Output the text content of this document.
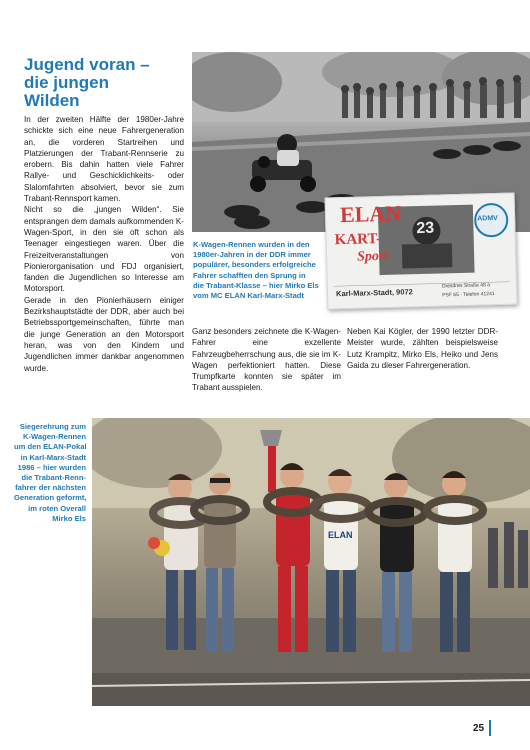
Jugend voran –
die jungen
Wilden

In der zweiten Hälfte der 1980er-Jahre schickte sich eine neue Fahrergeneration an, die vorderen Startreihen und Platzierungen der Trabant-Rennserie zu erobern. Bis dahin hatten viele Fahrer Rallye- und Geschicklichkeits- oder Slalomfahrten absolviert, bevor sie zum Trabant-Rennsport kamen.

Nicht so die „jungen Wilden“. Sie entsprangen dem damals aufkommenden K-Wagen-Sport, in den sie oft schon als Teenager eingestiegen waren. Über die Freizeitveranstaltungen von Pionierorganisation und FDJ organisiert, fanden die Jugendlichen so Interesse am Motorsport.

Gerade in den Pionierhäusern einiger Bezirkshauptstädte der DDR, aber auch bei Betriebssportgemeinschaften, führte man die junge Generation an den Motorsport heran, was von den Kindern und Jugendlichen immer dankbar angenommen wurde.

ELAN
KART-
Sport
23
ADMV
Karl-Marx-Stadt, 9072
Dresdner Straße 48 a
PSF 65 · Telefon 41241
K-Wagen-Rennen wurden in den
1980er-Jahren in der DDR immer
populärer, besonders erfolgreiche
Fahrer schafften den Sprung in
die Trabant-Klasse – hier Mirko Els
vom MC ELAN Karl-Marx-Stadt
Ganz besonders zeichnete die K-Wagen-Fahrer eine exzellente Fahrzeugbeherrschung aus, die sie im K-Wagen perfektioniert hatten. Diese Trumpfkarte konnten sie später im Trabant ausspielen.
Neben Kai Kögler, der 1990 letzter DDR-Meister wurde, zählten beispielsweise Lutz Krampitz, Mirko Els, Heiko und Jens Gaida zu dieser Fahrergeneration.
Siegerehrung zum
K-Wagen-Rennen
um den ELAN-Pokal
in Karl-Marx-Stadt
1986 – hier wurden
die Trabant-Renn-
fahrer der nächsten
Generation geformt,
im roten Overall
Mirko Els
ELAN
25
